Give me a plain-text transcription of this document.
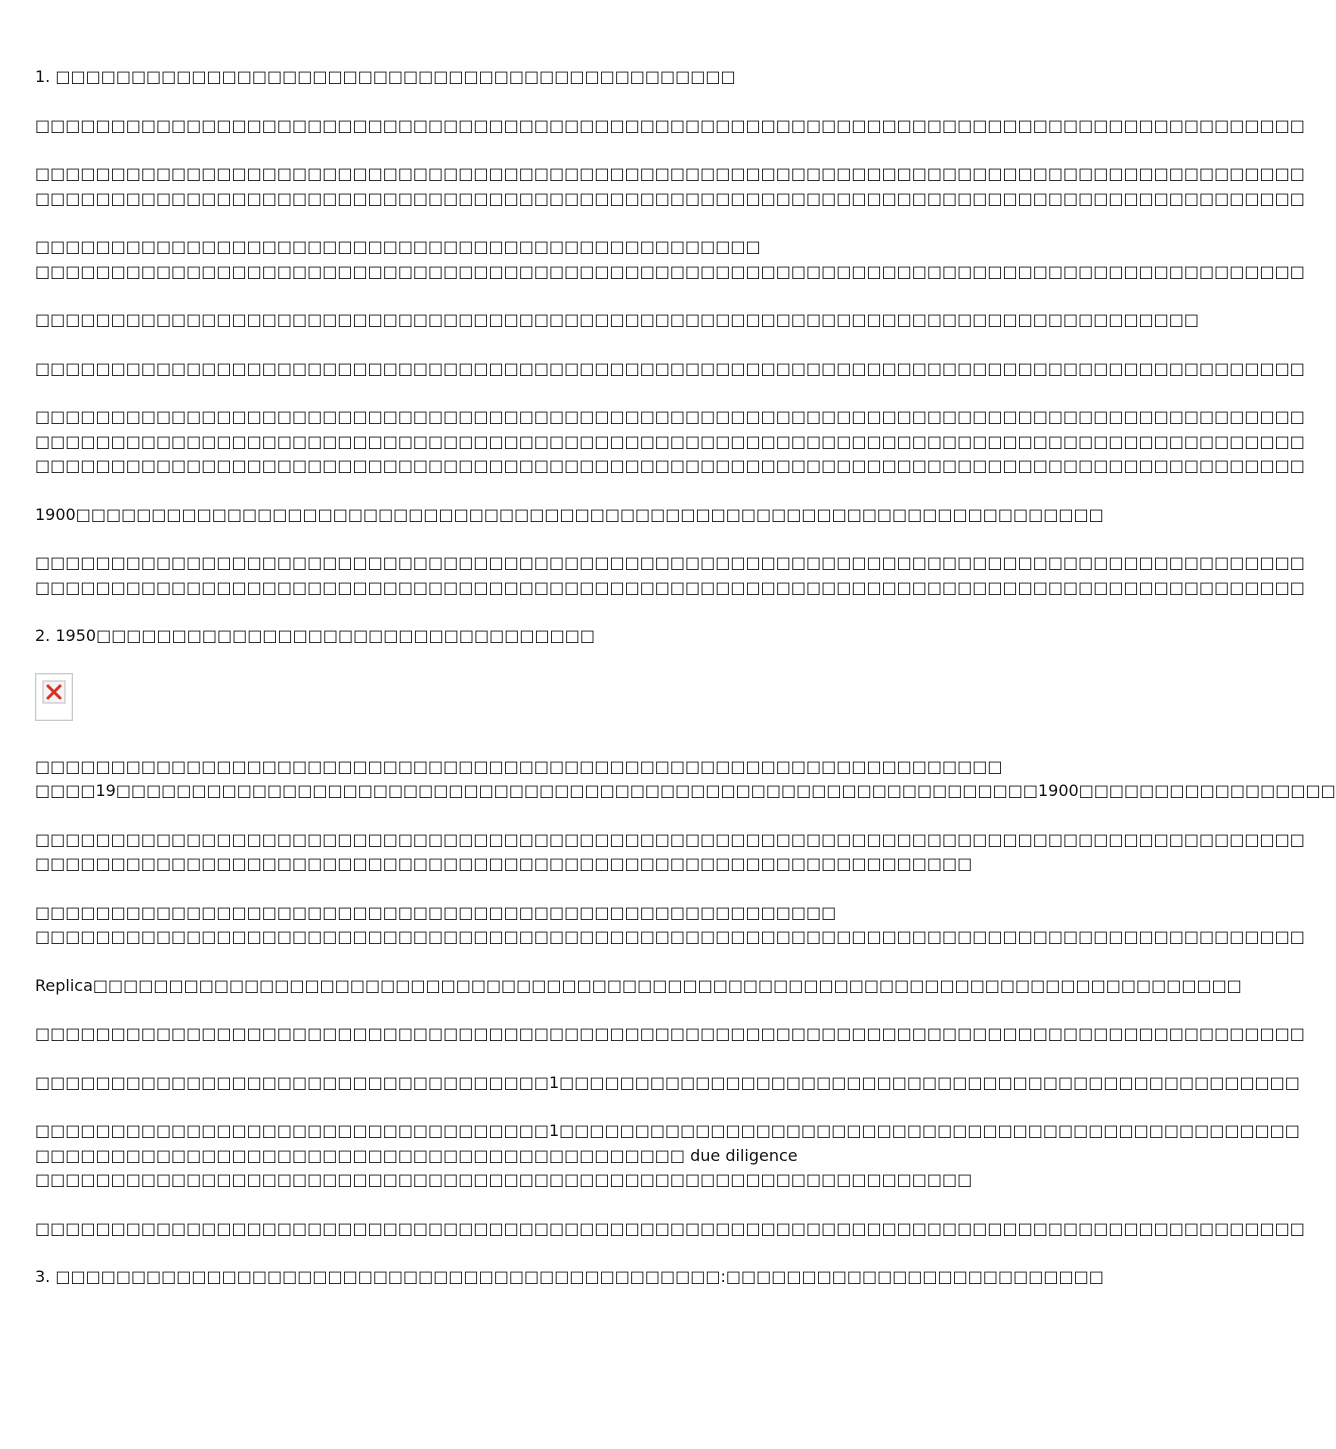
1. □□□□□□□□□□□□□□□□□□□□□□□□□□□□□□□□□□□□□□□□□□□□□
□□□□□□□□□□□□□□□□□□□□□□□□□□□□□□□□□□□□□□□□□□□□□□□□□□□□□□□□□□□□□□□□□□□□□□□□□□□□□□□□□□□□
□□□□□□□□□□□□□□□□□□□□□□□□□□□□□□□□□□□□□□□□□□□□□□□□□□□□□□□□□□□□□□□□□□□□□□□□□□□□□□□□□□□□
□□□□□□□□□□□□□□□□□□□□□□□□□□□□□□□□□□□□□□□□□□□□□□□□□□□□□□□□□□□□□□□□□□□□□□□□□□□□□□□□□□□□
□□□□□□□□□□□□□□□□□□□□□□□□□□□□□□□□□□□□□□□□□□□□□□□□
□□□□□□□□□□□□□□□□□□□□□□□□□□□□□□□□□□□□□□□□□□□□□□□□□□□□□□□□□□□□□□□□□□□□□□□□□□□□□□□□□□□□
□□□□□□□□□□□□□□□□□□□□□□□□□□□□□□□□□□□□□□□□□□□□□□□□□□□□□□□□□□□□□□□□□□□□□□□□□□□□□
□□□□□□□□□□□□□□□□□□□□□□□□□□□□□□□□□□□□□□□□□□□□□□□□□□□□□□□□□□□□□□□□□□□□□□□□□□□□□□□□□□□□
□□□□□□□□□□□□□□□□□□□□□□□□□□□□□□□□□□□□□□□□□□□□□□□□□□□□□□□□□□□□□□□□□□□□□□□□□□□□□□□□□□□□
□□□□□□□□□□□□□□□□□□□□□□□□□□□□□□□□□□□□□□□□□□□□□□□□□□□□□□□□□□□□□□□□□□□□□□□□□□□□□□□□□□□□
□□□□□□□□□□□□□□□□□□□□□□□□□□□□□□□□□□□□□□□□□□□□□□□□□□□□□□□□□□□□□□□□□□□□□□□□□□□□□□□□□□□□
1900□□□□□□□□□□□□□□□□□□□□□□□□□□□□□□□□□□□□□□□□□□□□□□□□□□□□□□□□□□□□□□□□□□□□
□□□□□□□□□□□□□□□□□□□□□□□□□□□□□□□□□□□□□□□□□□□□□□□□□□□□□□□□□□□□□□□□□□□□□□□□□□□□□□□□□□□□
□□□□□□□□□□□□□□□□□□□□□□□□□□□□□□□□□□□□□□□□□□□□□□□□□□□□□□□□□□□□□□□□□□□□□□□□□□□□□□□□□□□□
2. 1950□□□□□□□□□□□□□□□□□□□□□□□□□□□□□□□□□
□□□□□□□□□□□□□□□□□□□□□□□□□□□□□□□□□□□□□□□□□□□□□□□□□□□□□□□□□□□□□□□□
□□□□19□□□□□□□□□□□□□□□□□□□□□□□□□□□□□□□□□□□□□□□□□□□□□□□□□□□□□□□□□□□□□1900□□□□□□□□□□□□□□□□□
□□□□□□□□□□□□□□□□□□□□□□□□□□□□□□□□□□□□□□□□□□□□□□□□□□□□□□□□□□□□□□□□□□□□□□□□□□□□□□□□□□□□
□□□□□□□□□□□□□□□□□□□□□□□□□□□□□□□□□□□□□□□□□□□□□□□□□□□□□□□□□□□□□□
□□□□□□□□□□□□□□□□□□□□□□□□□□□□□□□□□□□□□□□□□□□□□□□□□□□□□
□□□□□□□□□□□□□□□□□□□□□□□□□□□□□□□□□□□□□□□□□□□□□□□□□□□□□□□□□□□□□□□□□□□□□□□□□□□□□□□□□□□□
Replica□□□□□□□□□□□□□□□□□□□□□□□□□□□□□□□□□□□□□□□□□□□□□□□□□□□□□□□□□□□□□□□□□□□□□□□□□□□□
□□□□□□□□□□□□□□□□□□□□□□□□□□□□□□□□□□□□□□□□□□□□□□□□□□□□□□□□□□□□□□□□□□□□□□□□□□□□□□□□□□□□
□□□□□□□□□□□□□□□□□□□□□□□□□□□□□□□□□□1□□□□□□□□□□□□□□□□□□□□□□□□□□□□□□□□□□□□□□□□□□□□□□□□□
□□□□□□□□□□□□□□□□□□□□□□□□□□□□□□□□□□1□□□□□□□□□□□□□□□□□□□□□□□□□□□□□□□□□□□□□□□□□□□□□□□□□
□□□□□□□□□□□□□□□□□□□□□□□□□□□□□□□□□□□□□□□□□□□ due diligence
□□□□□□□□□□□□□□□□□□□□□□□□□□□□□□□□□□□□□□□□□□□□□□□□□□□□□□□□□□□□□□
□□□□□□□□□□□□□□□□□□□□□□□□□□□□□□□□□□□□□□□□□□□□□□□□□□□□□□□□□□□□□□□□□□□□□□□□□□□□□□□□□□□□
3. □□□□□□□□□□□□□□□□□□□□□□□□□□□□□□□□□□□□□□□□□□□□:□□□□□□□□□□□□□□□□□□□□□□□□□
